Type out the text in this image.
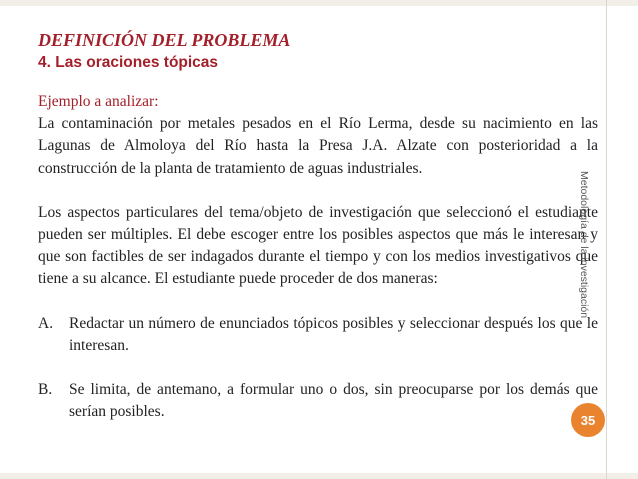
DEFINICIÓN DEL PROBLEMA
4. Las oraciones tópicas

Ejemplo a analizar:
La contaminación por metales pesados en el Río Lerma, desde su nacimiento en las Lagunas de Almoloya del Río hasta la Presa J.A. Alzate con posterioridad a la construcción de la planta de tratamiento de aguas industriales.

Los aspectos particulares del tema/objeto de investigación que seleccionó el estudiante pueden ser múltiples. El debe escoger entre los posibles aspectos que más le interesan y que son factibles de ser indagados durante el tiempo y con los medios investigativos que tiene a su alcance. El estudiante puede proceder de dos maneras:

A. Redactar un número de enunciados tópicos posibles y seleccionar después los que le interesan.
B. Se limita, de antemano, a formular uno o dos, sin preocuparse por los demás que serían posibles.
Metodología de la investigación
35
